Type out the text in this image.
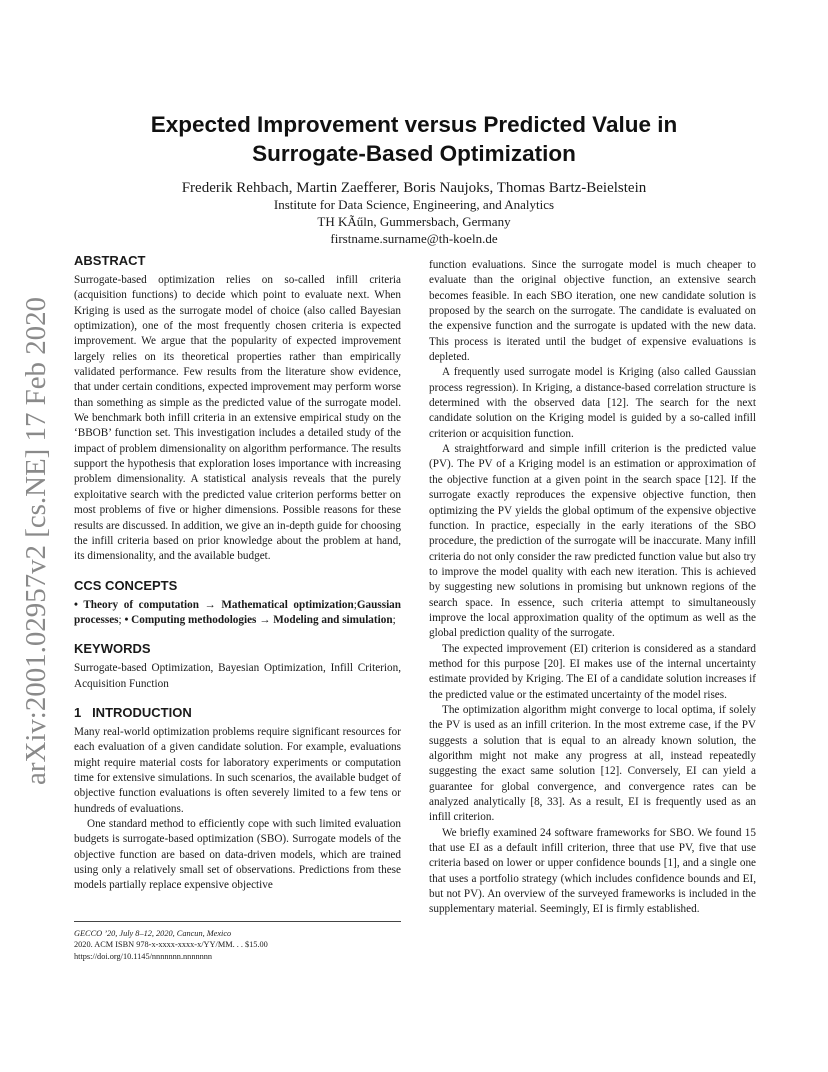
arXiv:2001.02957v2 [cs.NE] 17 Feb 2020
Expected Improvement versus Predicted Value in
Surrogate-Based Optimization
Frederik Rehbach, Martin Zaefferer, Boris Naujoks, Thomas Bartz-Beielstein
Institute for Data Science, Engineering, and Analytics
TH KÃűln, Gummersbach, Germany
firstname.surname@th-koeln.de
ABSTRACT

Surrogate-based optimization relies on so-called infill criteria (acquisition functions) to decide which point to evaluate next. When Kriging is used as the surrogate model of choice (also called Bayesian optimization), one of the most frequently chosen criteria is expected improvement. We argue that the popularity of expected improvement largely relies on its theoretical properties rather than empirically validated performance. Few results from the literature show evidence, that under certain conditions, expected improvement may perform worse than something as simple as the predicted value of the surrogate model. We benchmark both infill criteria in an extensive empirical study on the ‘BBOB’ function set. This investigation includes a detailed study of the impact of problem dimensionality on algorithm performance. The results support the hypothesis that exploration loses importance with increasing problem dimensionality. A statistical analysis reveals that the purely exploitative search with the predicted value criterion performs better on most problems of five or higher dimensions. Possible reasons for these results are discussed. In addition, we give an in-depth guide for choosing the infill criteria based on prior knowledge about the problem at hand, its dimensionality, and the available budget.

CCS CONCEPTS

• Theory of computation → Mathematical optimization;Gaussian processes; • Computing methodologies → Modeling and simulation;

KEYWORDS

Surrogate-based Optimization, Bayesian Optimization, Infill Criterion, Acquisition Function

1   INTRODUCTION

Many real-world optimization problems require significant resources for each evaluation of a given candidate solution. For example, evaluations might require material costs for laboratory experiments or computation time for extensive simulations. In such scenarios, the available budget of objective function evaluations is often severely limited to a few tens or hundreds of evaluations.

One standard method to efficiently cope with such limited evaluation budgets is surrogate-based optimization (SBO). Surrogate models of the objective function are based on data-driven models, which are trained using only a relatively small set of observations. Predictions from these models partially replace expensive objective

function evaluations. Since the surrogate model is much cheaper to evaluate than the original objective function, an extensive search becomes feasible. In each SBO iteration, one new candidate solution is proposed by the search on the surrogate. The candidate is evaluated on the expensive function and the surrogate is updated with the new data. This process is iterated until the budget of expensive evaluations is depleted.

A frequently used surrogate model is Kriging (also called Gaussian process regression). In Kriging, a distance-based correlation structure is determined with the observed data [12]. The search for the next candidate solution on the Kriging model is guided by a so-called infill criterion or acquisition function.

A straightforward and simple infill criterion is the predicted value (PV). The PV of a Kriging model is an estimation or approximation of the objective function at a given point in the search space [12]. If the surrogate exactly reproduces the expensive objective function, then optimizing the PV yields the global optimum of the expensive objective function. In practice, especially in the early iterations of the SBO procedure, the prediction of the surrogate will be inaccurate. Many infill criteria do not only consider the raw predicted function value but also try to improve the model quality with each new iteration. This is achieved by suggesting new solutions in promising but unknown regions of the search space. In essence, such criteria attempt to simultaneously improve the local approximation quality of the optimum as well as the global prediction quality of the surrogate.

The expected improvement (EI) criterion is considered as a standard method for this purpose [20]. EI makes use of the internal uncertainty estimate provided by Kriging. The EI of a candidate solution increases if the predicted value or the estimated uncertainty of the model rises.

The optimization algorithm might converge to local optima, if solely the PV is used as an infill criterion. In the most extreme case, if the PV suggests a solution that is equal to an already known solution, the algorithm might not make any progress at all, instead repeatedly suggesting the exact same solution [12]. Conversely, EI can yield a guarantee for global convergence, and convergence rates can be analyzed analytically [8, 33]. As a result, EI is frequently used as an infill criterion.

We briefly examined 24 software frameworks for SBO. We found 15 that use EI as a default infill criterion, three that use PV, five that use criteria based on lower or upper confidence bounds [1], and a single one that uses a portfolio strategy (which includes confidence bounds and EI, but not PV). An overview of the surveyed frameworks is included in the supplementary material. Seemingly, EI is firmly established.

GECCO ’20, July 8–12, 2020, Cancun, Mexico
2020. ACM ISBN 978-x-xxxx-xxxx-x/YY/MM. . . $15.00
https://doi.org/10.1145/nnnnnnn.nnnnnnn
